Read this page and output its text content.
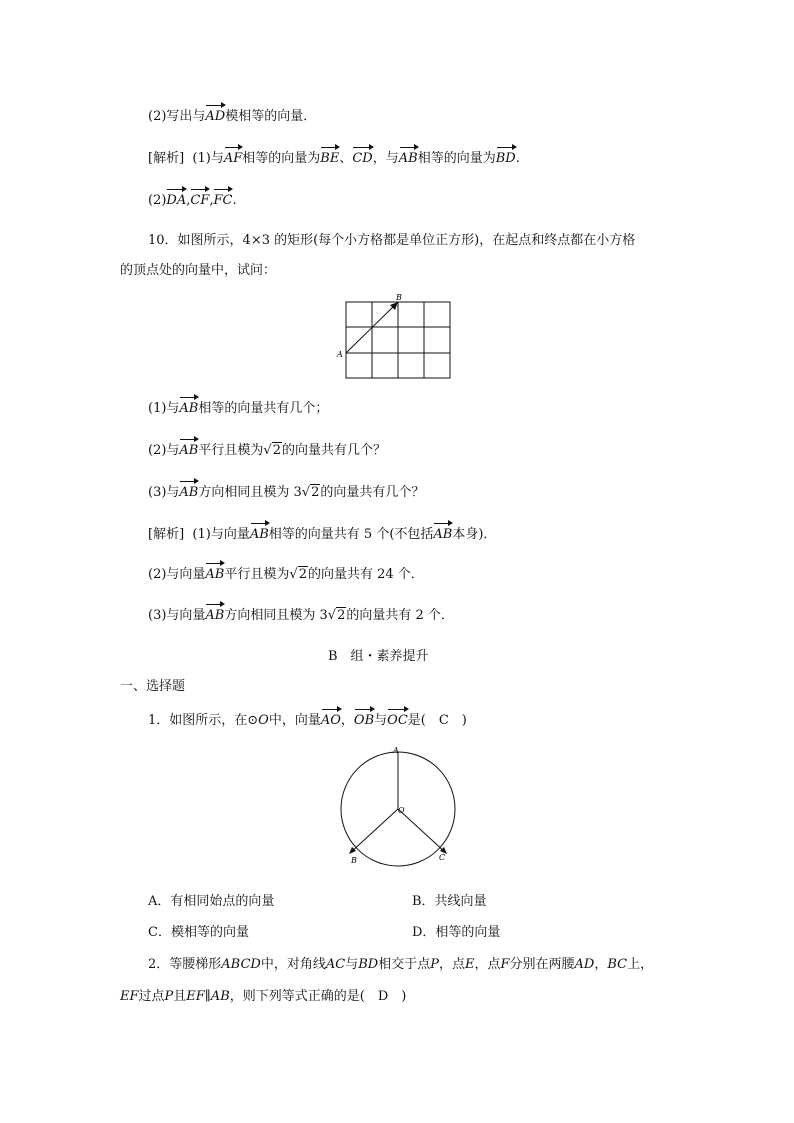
(2)写出与AD模相等的向量．
[解析] (1)与AF相等的向量为BE、CD，与AB相等的向量为BD.
(2)DA,CF,FC.
10．如图所示，4×3 的矩形(每个小方格都是单位正方形)，在起点和终点都在小方格
的顶点处的向量中，试问：
A
B
(1)与AB相等的向量共有几个；
(2)与AB平行且模为√2的向量共有几个？
(3)与AB方向相同且模为 3√2的向量共有几个？
[解析] (1)与向量AB相等的向量共有 5 个(不包括AB本身)．
(2)与向量AB平行且模为√2的向量共有 24 个．
(3)与向量AB方向相同且模为 3√2的向量共有 2 个．
B　组・素养提升
一、选择题
1．如图所示，在⊙O中，向量AO，OB与OC是(　C　)
A
O
B	C
A．有相同始点的向量	B．共线向量
C．模相等的向量	D．相等的向量
2．等腰梯形ABCD中，对角线AC与BD相交于点P，点E，点F分别在两腰AD，BC上，
EF过点P且EF∥AB，则下列等式正确的是(　D　)
